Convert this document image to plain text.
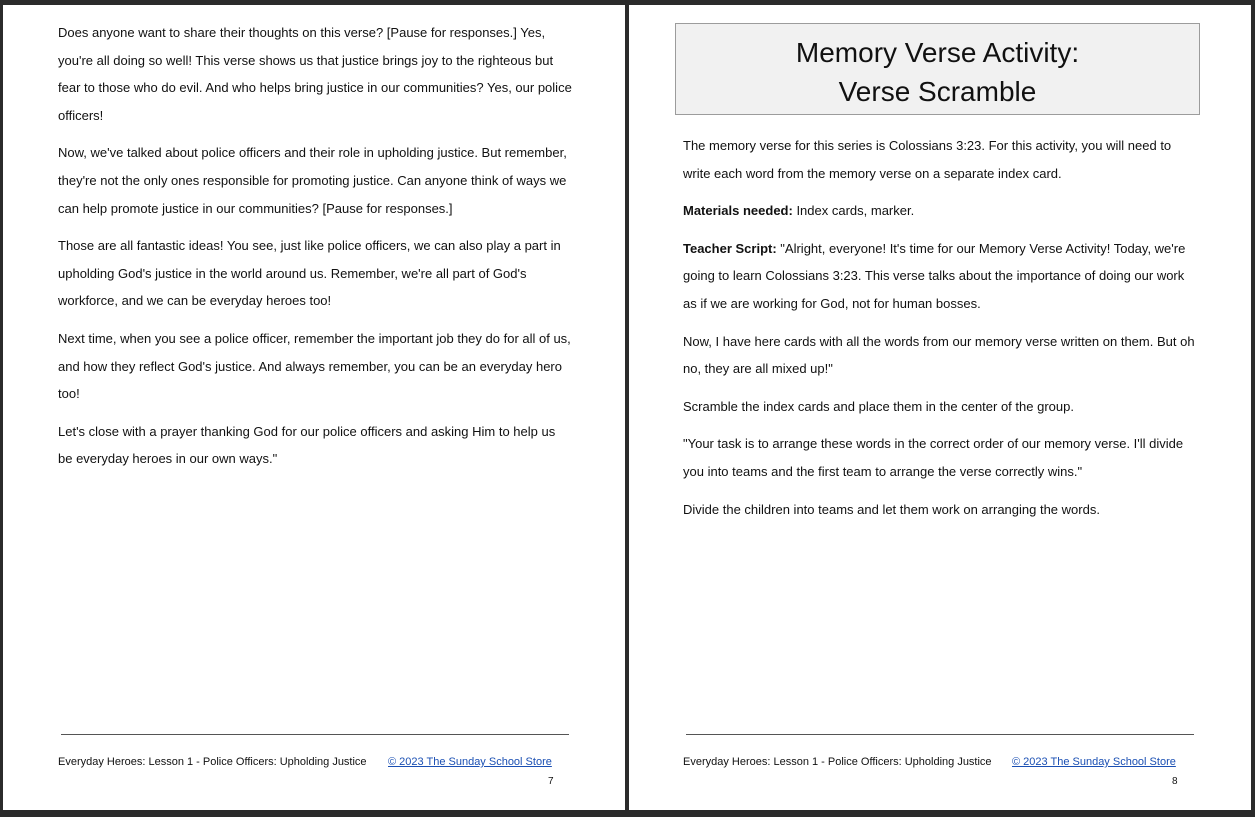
Does anyone want to share their thoughts on this verse? [Pause for responses.] Yes, you're all doing so well! This verse shows us that justice brings joy to the righteous but fear to those who do evil. And who helps bring justice in our communities? Yes, our police officers!

Now, we've talked about police officers and their role in upholding justice. But remember, they're not the only ones responsible for promoting justice. Can anyone think of ways we can help promote justice in our communities? [Pause for responses.]

Those are all fantastic ideas! You see, just like police officers, we can also play a part in upholding God's justice in the world around us. Remember, we're all part of God's workforce, and we can be everyday heroes too!

Next time, when you see a police officer, remember the important job they do for all of us, and how they reflect God's justice. And always remember, you can be an everyday hero too!

Let's close with a prayer thanking God for our police officers and asking Him to help us be everyday heroes in our own ways."

Everyday Heroes: Lesson 1 - Police Officers: Upholding Justice © 2023 The Sunday School Store
7
Memory Verse Activity:
Verse Scramble

The memory verse for this series is Colossians 3:23. For this activity, you will need to write each word from the memory verse on a separate index card.

Materials needed: Index cards, marker.

Teacher Script: "Alright, everyone! It's time for our Memory Verse Activity! Today, we're going to learn Colossians 3:23. This verse talks about the importance of doing our work as if we are working for God, not for human bosses.

Now, I have here cards with all the words from our memory verse written on them. But oh no, they are all mixed up!"

Scramble the index cards and place them in the center of the group.

"Your task is to arrange these words in the correct order of our memory verse. I'll divide you into teams and the first team to arrange the verse correctly wins."

Divide the children into teams and let them work on arranging the words.

Everyday Heroes: Lesson 1 - Police Officers: Upholding Justice © 2023 The Sunday School Store
8
